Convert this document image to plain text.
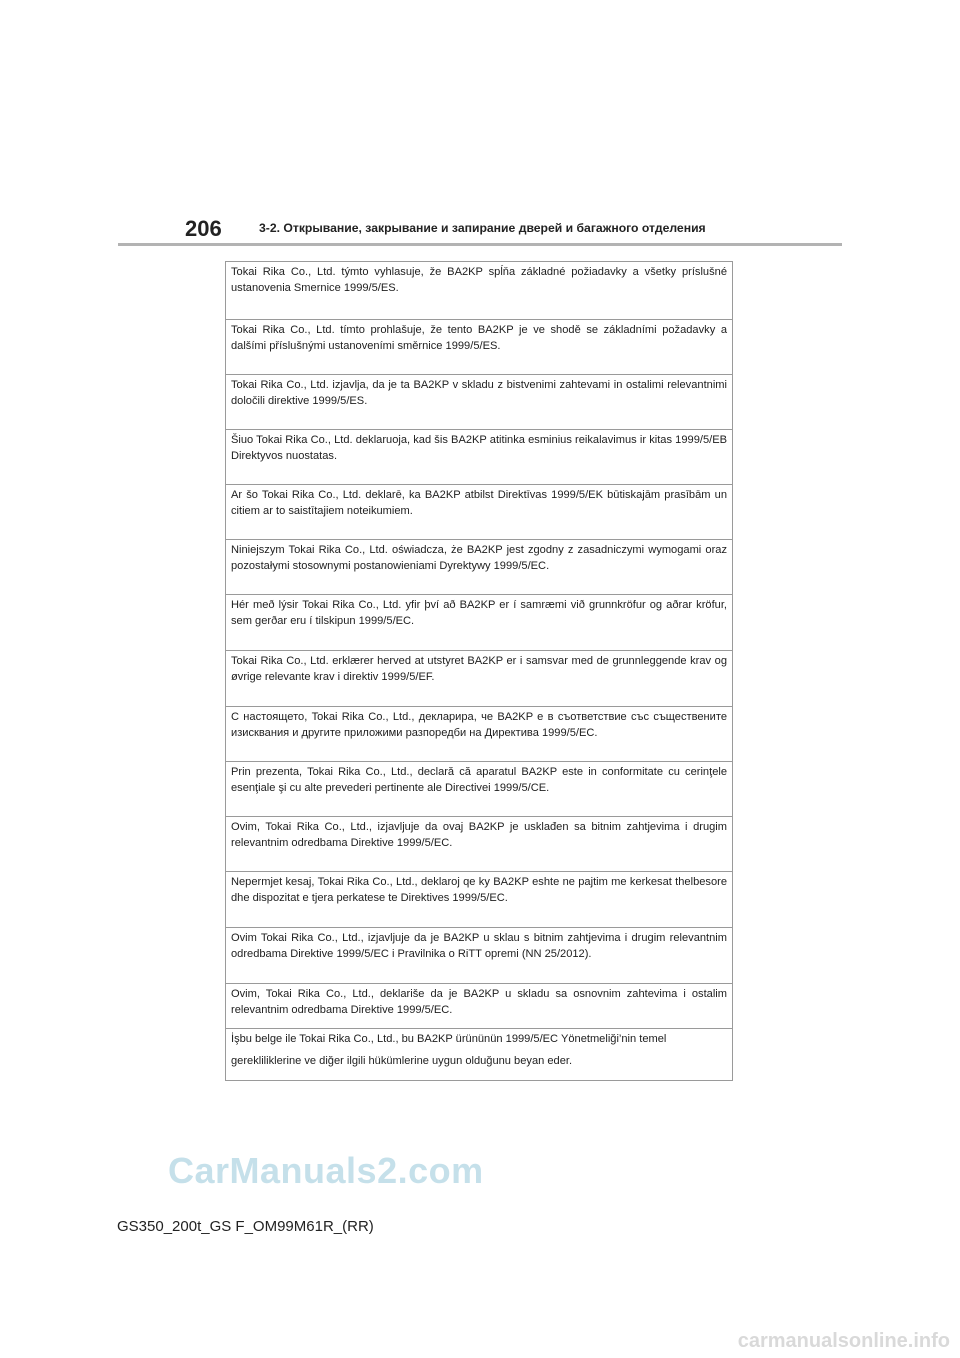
206	3-2. Открывание, закрывание и запирание дверей и багажного отделения
Tokai Rika Co., Ltd. týmto vyhlasuje, že BA2KP spĺňa základné požiadavky a všetky príslušné ustanovenia Smernice 1999/5/ES.
Tokai Rika Co., Ltd. tímto prohlašuje, že tento BA2KP je ve shodě se základními požadavky a dalšími příslušnými ustanoveními směrnice 1999/5/ES.
Tokai Rika Co., Ltd. izjavlja, da je ta BA2KP v skladu z bistvenimi zahtevami in ostalimi relevantnimi določili direktive 1999/5/ES.
Šiuo Tokai Rika Co., Ltd. deklaruoja, kad šis BA2KP atitinka esminius reikalavimus ir kitas 1999/5/EB Direktyvos nuostatas.
Ar šo Tokai Rika Co., Ltd. deklarē, ka BA2KP atbilst Direktīvas 1999/5/EK būtiskajām prasībām un citiem ar to saistītajiem noteikumiem.
Niniejszym Tokai Rika Co., Ltd. oświadcza, że BA2KP jest zgodny z zasadniczymi wymogami oraz pozostałymi stosownymi postanowieniami Dyrektywy 1999/5/EC.
Hér með lýsir Tokai Rika Co., Ltd. yfir því að BA2KP er í samræmi við grunnkröfur og aðrar kröfur, sem gerðar eru í tilskipun 1999/5/EC.
Tokai Rika Co., Ltd. erklærer herved at utstyret BA2KP er i samsvar med de grunnleggende krav og øvrige relevante krav i direktiv 1999/5/EF.
С настоящето, Tokai Rika Co., Ltd., декларира, че BA2KP е в съответствие със съществените изисквания и другите приложими разпоредби на Директива 1999/5/ЕС.
Prin prezenta, Tokai Rika Co., Ltd., declară că aparatul BA2KP este in conformitate cu cerinţele esenţiale şi cu alte prevederi pertinente ale Directivei 1999/5/CE.
Ovim, Tokai Rika Co., Ltd., izjavljuje da ovaj BA2KP je usklađen sa bitnim zahtjevima i drugim relevantnim odredbama Direktive 1999/5/EC.
Nepermjet kesaj, Tokai Rika Co., Ltd., deklaroj qe ky BA2KP eshte ne pajtim me kerkesat thelbesore dhe dispozitat e tjera perkatese te Direktives 1999/5/EC.
Ovim Tokai Rika Co., Ltd., izjavljuje da je BA2KP u sklau s bitnim zahtjevima i drugim relevantnim odredbama Direktive 1999/5/EC i Pravilnika o RiTT opremi (NN 25/2012).
Ovim, Tokai Rika Co., Ltd., deklariše da je BA2KP u skladu sa osnovnim zahtevima i ostalim relevantnim odredbama Direktive 1999/5/EC.
İşbu belge ile Tokai Rika Co., Ltd., bu BA2KP ürününün 1999/5/EC Yönetmeliği’nin temel
gerekliliklerine ve diğer ilgili hükümlerine uygun olduğunu beyan eder.
CarManuals2.com
GS350_200t_GS F_OM99M61R_(RR)
carmanualsonline.info
